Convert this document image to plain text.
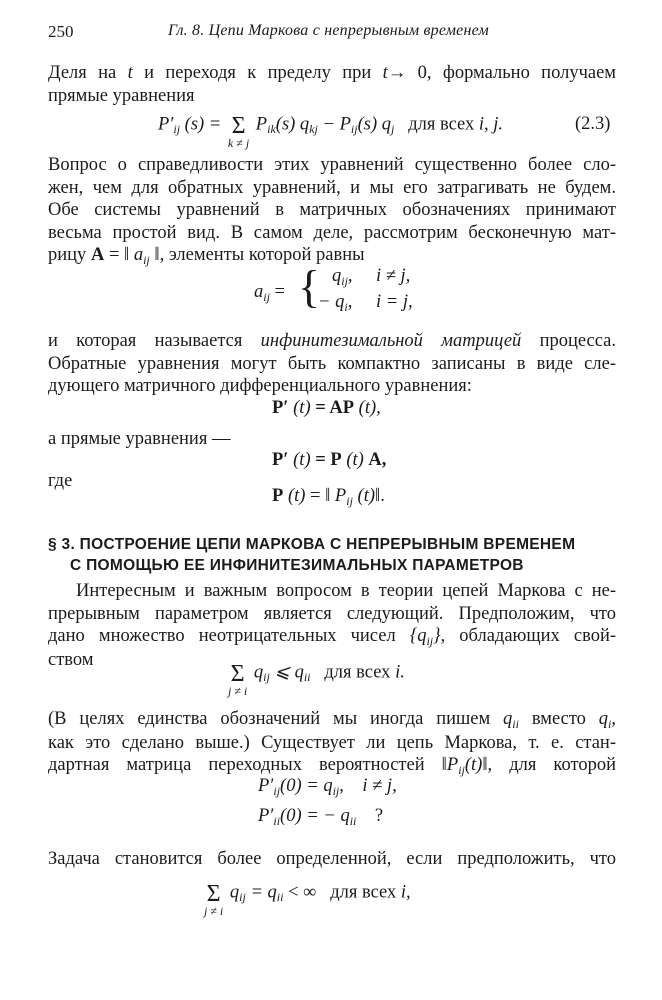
250	Гл. 8. Цепи Маркова с непрерывным временем
Деля на t и переходя к пределу при t→ 0, формально получаем
прямые уравнения
$P'_{ij}$ (s) = Σ
k ≠ j
$P_{ik}(s) q_{kj} - P_{ij}(s)$ $q_j$ для всех i, j.	(2.3)
Вопрос о справедливости этих уравнений существенно более сло-
жен, чем для обратных уравнений, и мы его затрагивать не будем.
Обе системы уравнений в матричных обозначениях принимают
весьма простой вид. В самом деле, рассмотрим бесконечную мат-
рицу A = ‖ $a_{ij}$ ‖, элементы которой равны
$a_{ij}$ = { $q_{ij}$, i ≠ j,
− $q_i$, i = j,
и которая называется инфинитезимальной матрицей процесса.
Обратные уравнения могут быть компактно записаны в виде сле-
дующего матричного дифференциального уравнения:
P′ (t) = AP (t),
а прямые уравнения —
P′ (t) = P (t) A,
где
P (t) = ‖ $P_{ij}$ (t)‖.
§ 3. ПОСТРОЕНИЕ ЦЕПИ МАРКОВА С НЕПРЕРЫВНЫМ ВРЕМЕНЕМ
С ПОМОЩЬЮ ЕЕ ИНФИНИТЕЗИМАЛЬНЫХ ПАРАМЕТРОВ
Интересным и важным вопросом в теории цепей Маркова с не-
прерывным параметром является следующий. Предположим, что
дано множество неотрицательных чисел $\{q_{ij}\}$, обладающих свой-
ством
Σ
j ≠ i
$q_{ij}$ ⩽ $q_{ii}$ для всех i.
(В целях единства обозначений мы иногда пишем $q_{ii}$ вместо $q_i$,
как это сделано выше.) Существует ли цепь Маркова, т. е. стан-
дартная матрица переходных вероятностей $‖P_{ij}(t)‖$, для которой
$P'_{ij}(0) = q_{ij}$,    i ≠ j,
$P'_{ii}(0)$ = − $q_{ii}$ ?
Задача становится более определенной, если предположить, что
Σ
j ≠ i
$q_{ij} = q_{ii}$ < ∞ для всех i,
